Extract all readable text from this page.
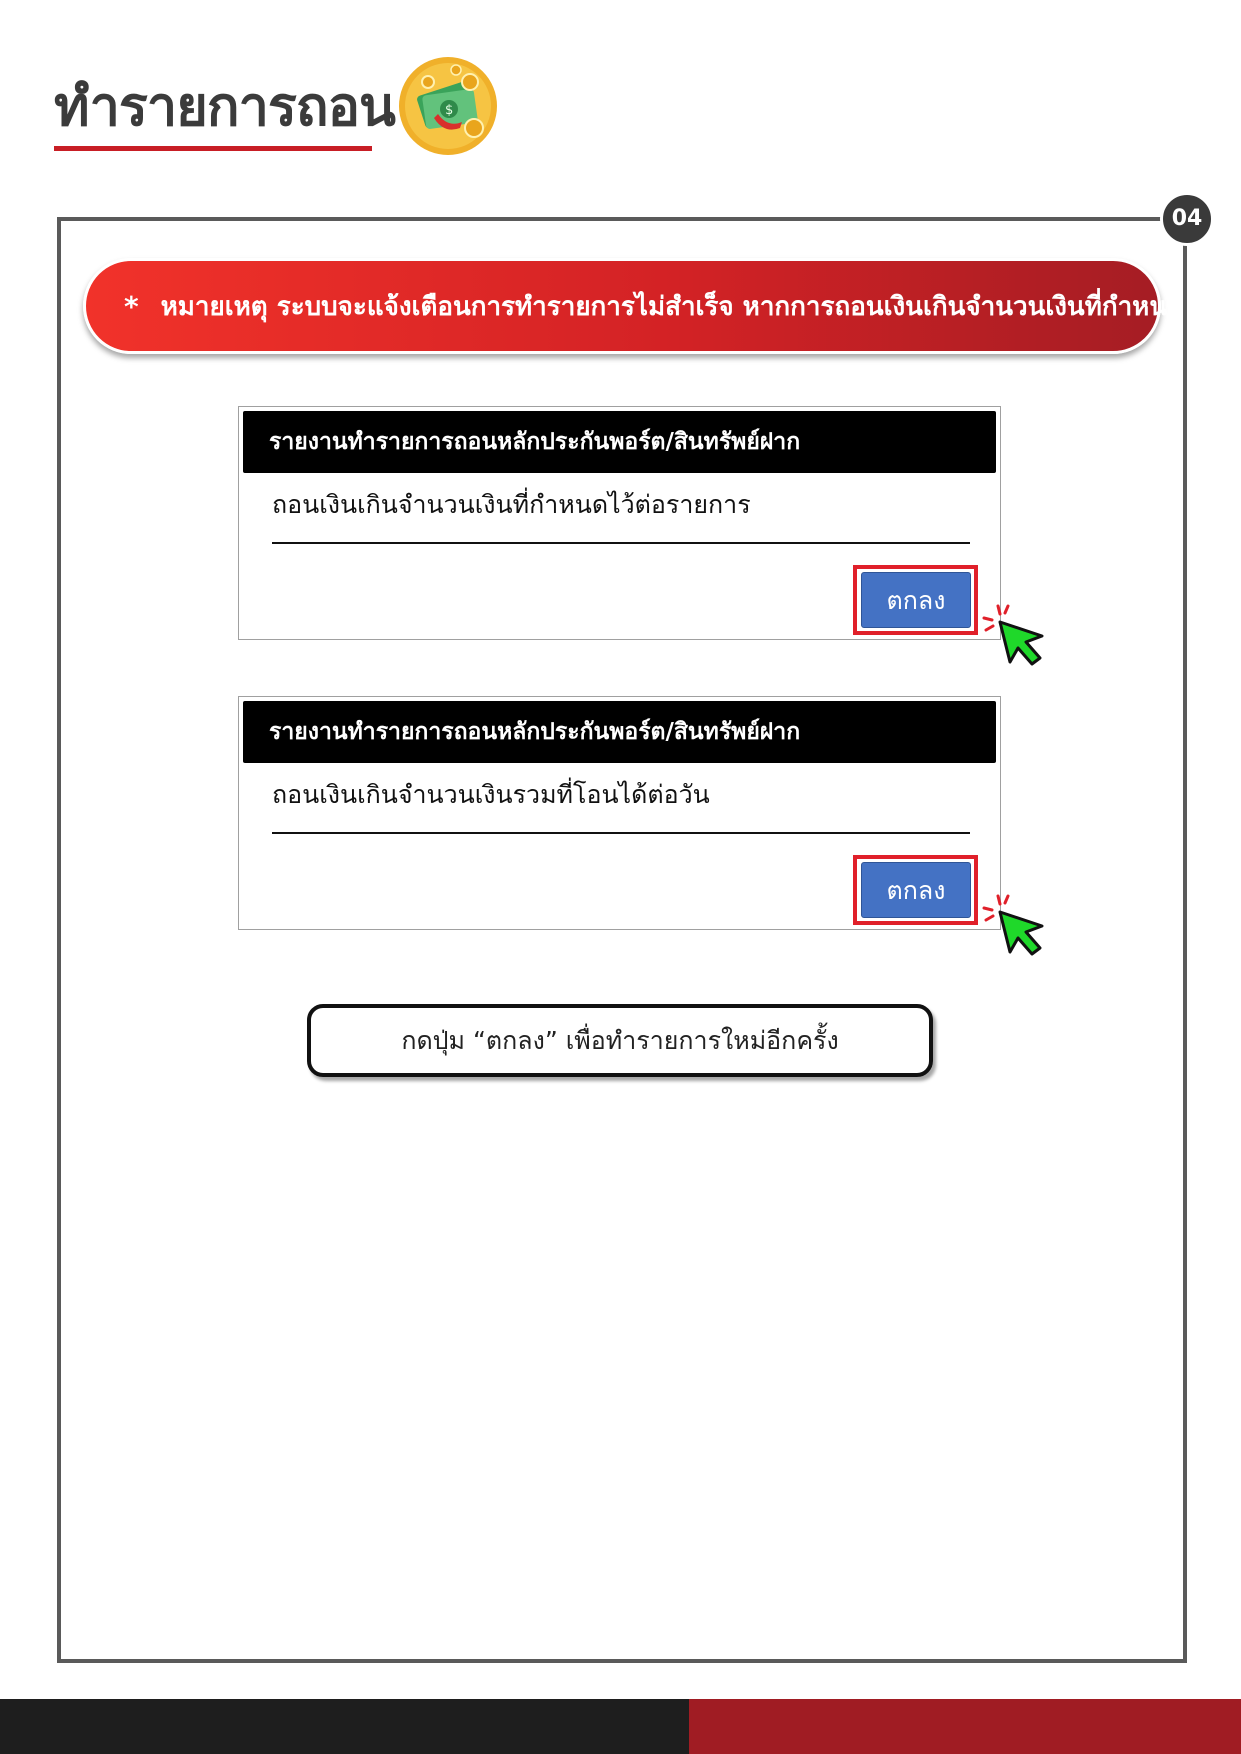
ทำรายการถอน	$
04
* หมายเหตุ ระบบจะแจ้งเตือนการทำรายการไม่สำเร็จ หากการถอนเงินเกินจำนวนเงินที่กำหนด
รายงานทำรายการถอนหลักประกันพอร์ต/สินทรัพย์ฝาก
ถอนเงินเกินจำนวนเงินที่กำหนดไว้ต่อรายการ
ตกลง
รายงานทำรายการถอนหลักประกันพอร์ต/สินทรัพย์ฝาก
ถอนเงินเกินจำนวนเงินรวมที่โอนได้ต่อวัน
ตกลง
กดปุ่ม “ตกลง” เพื่อทำรายการใหม่อีกครั้ง
